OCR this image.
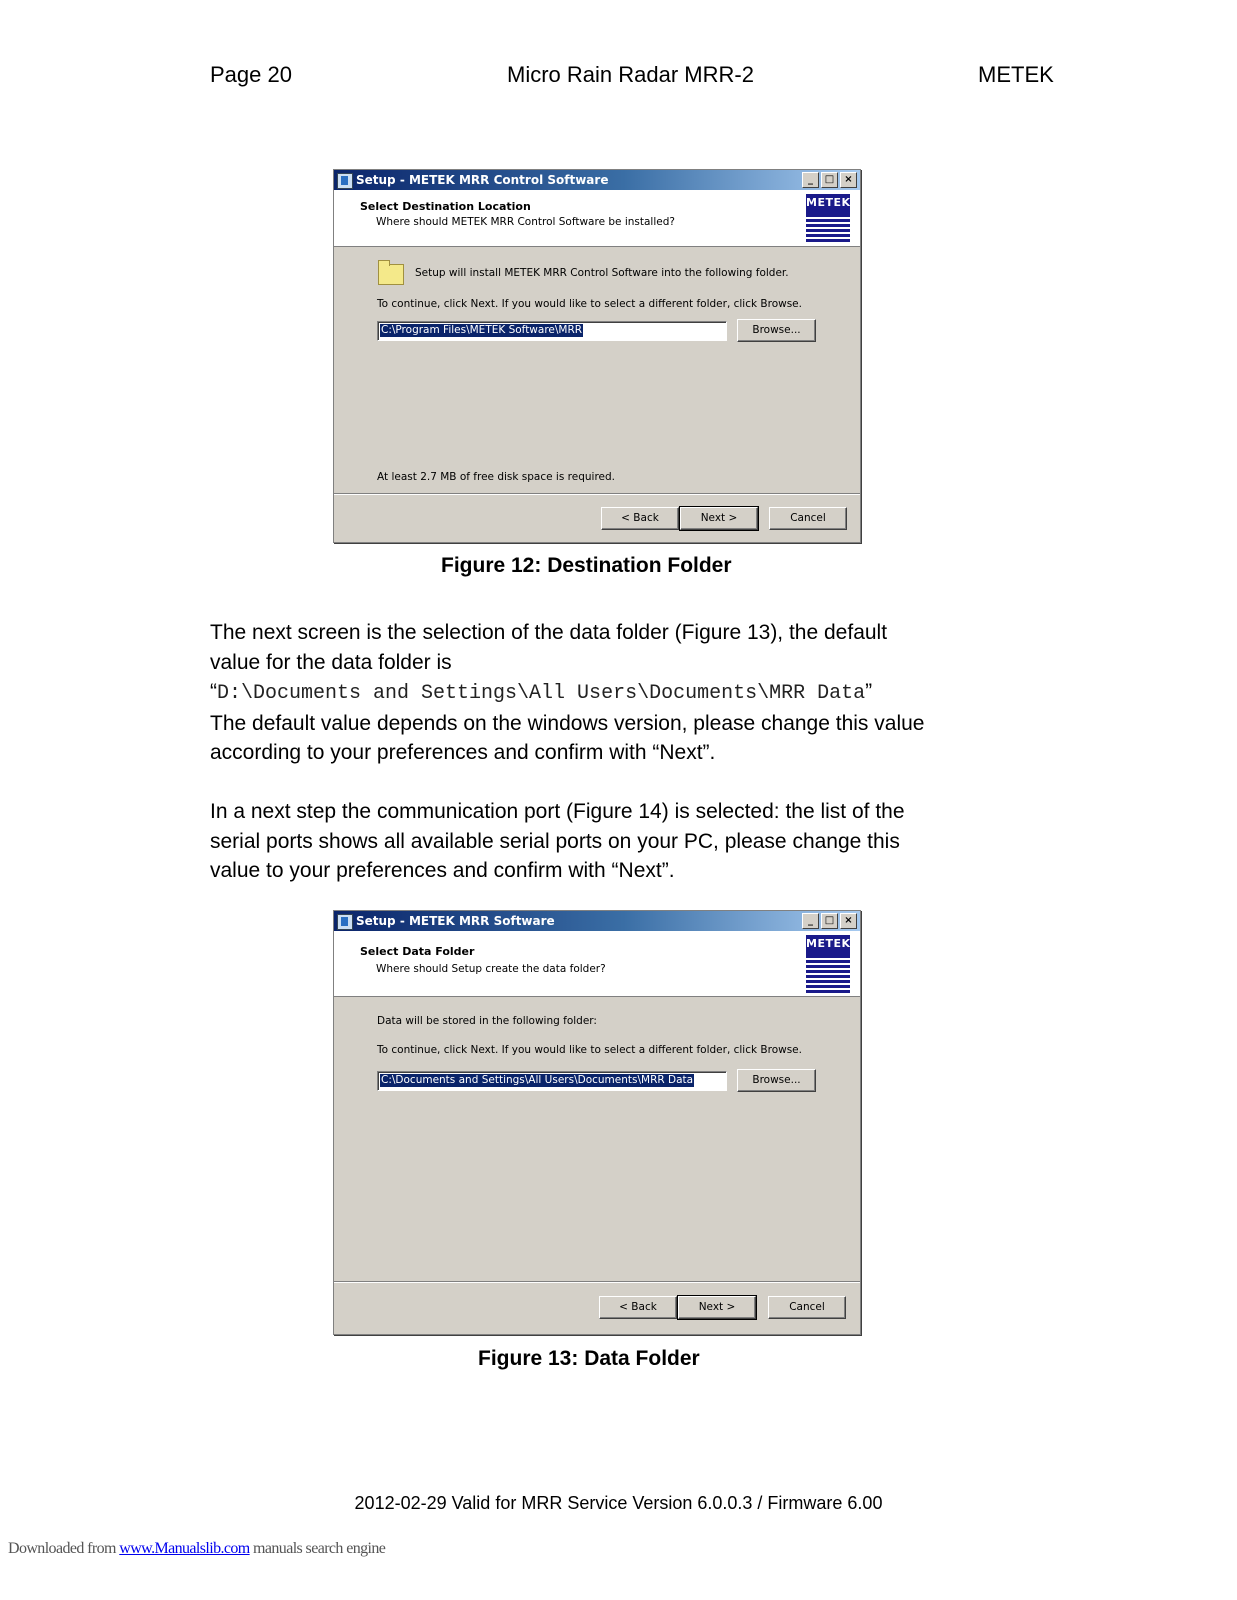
Page 20	Micro Rain Radar MRR-2	METEK
Setup - METEK MRR Control Software	_	□	×
Select Destination Location
Where should METEK MRR Control Software be installed?
METEK
Setup will install METEK MRR Control Software into the following folder.
To continue, click Next. If you would like to select a different folder, click Browse.
C:\Program Files\METEK Software\MRR	Browse...
At least 2.7 MB of free disk space is required.
< Back	Next >	Cancel
Figure 12: Destination Folder
The next screen is the selection of the data folder (Figure 13), the default
value for the data folder is
“D:\Documents and Settings\All Users\Documents\MRR Data”
The default value depends on the windows version, please change this value
according to your preferences and confirm with “Next”.
In a next step the communication port (Figure 14) is selected: the list of the
serial ports shows all available serial ports on your PC, please change this
value to your preferences and confirm with “Next”.
Setup - METEK MRR Software	_	□	×
Select Data Folder
Where should Setup create the data folder?
METEK
Data will be stored in the following folder:
To continue, click Next. If you would like to select a different folder, click Browse.
C:\Documents and Settings\All Users\Documents\MRR Data	Browse...
< Back	Next >	Cancel
Figure 13: Data Folder
2012-02-29 Valid for MRR Service Version 6.0.0.3 / Firmware 6.00
Downloaded from www.Manualslib.com manuals search engine
